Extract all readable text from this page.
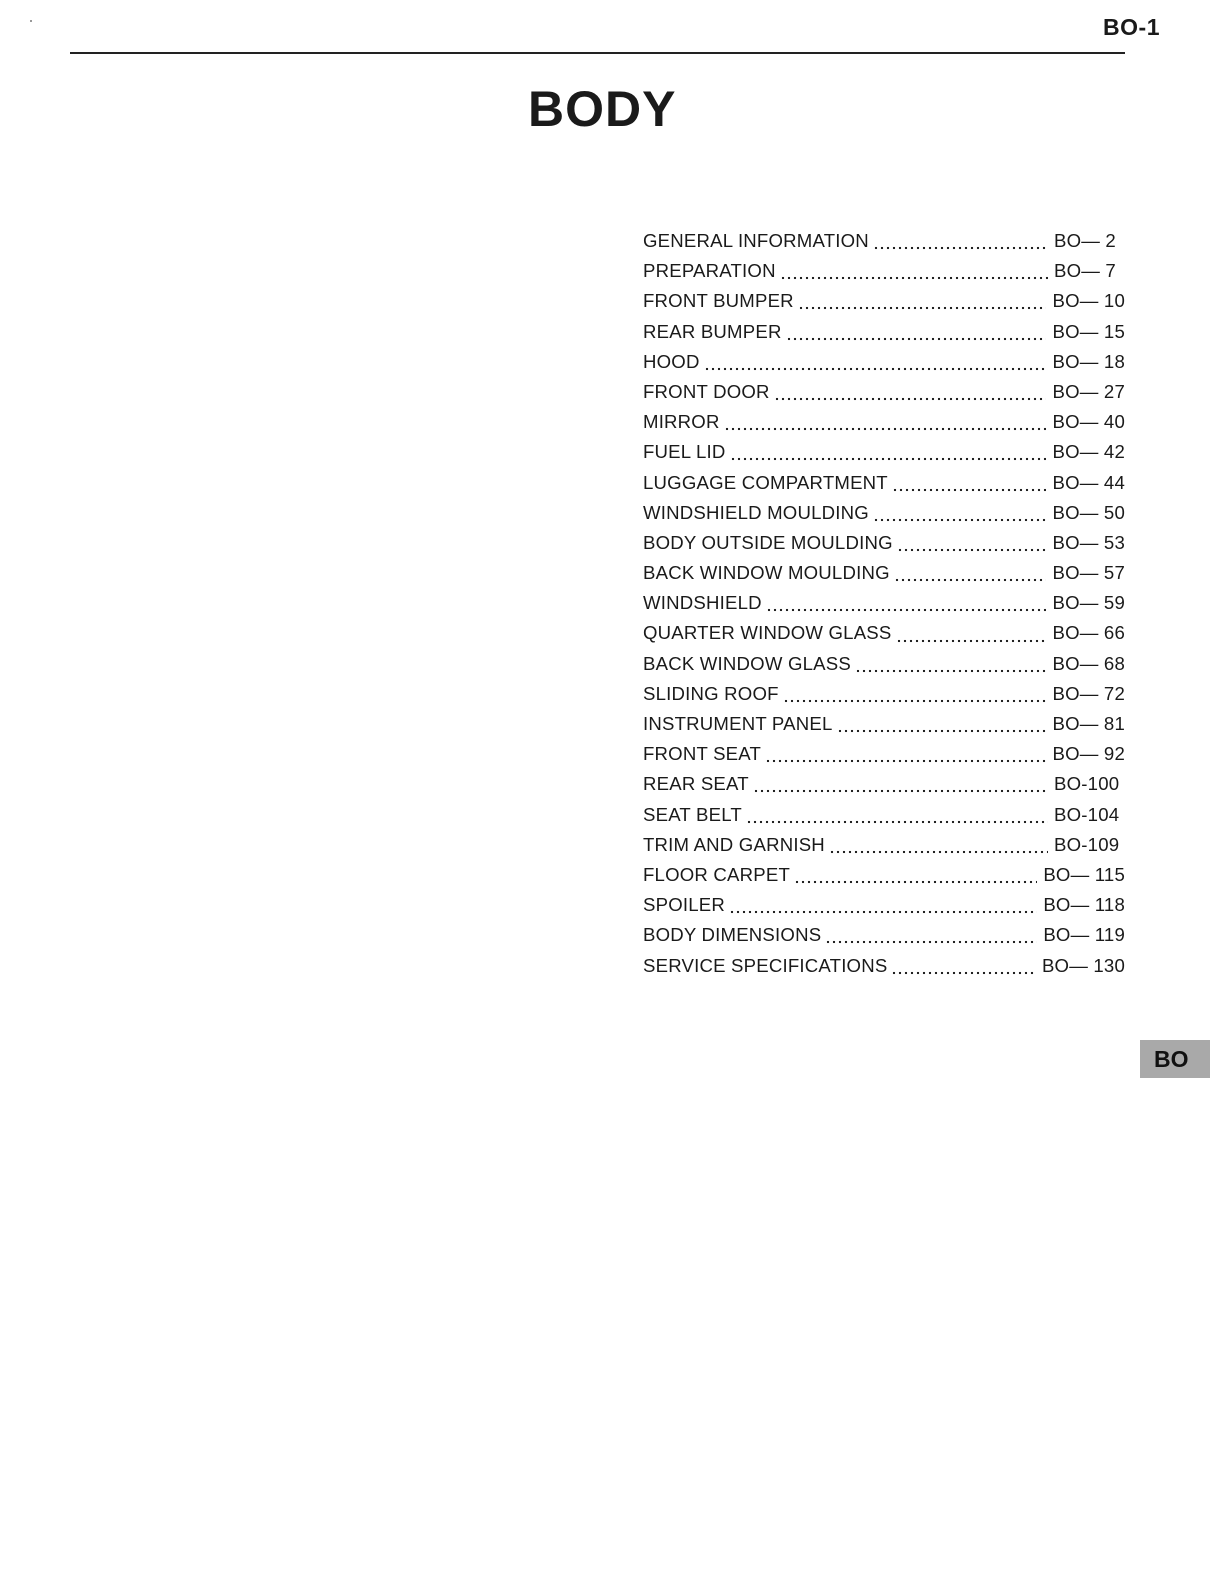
BO-1
BODY
GENERAL INFORMATION	BO— 2
PREPARATION	BO— 7
FRONT BUMPER	BO— 10
REAR BUMPER	BO— 15
HOOD	BO— 18
FRONT DOOR	BO— 27
MIRROR	BO— 40
FUEL LID	BO— 42
LUGGAGE COMPARTMENT	BO— 44
WINDSHIELD MOULDING	BO— 50
BODY OUTSIDE MOULDING	BO— 53
BACK WINDOW MOULDING	BO— 57
WINDSHIELD	BO— 59
QUARTER WINDOW GLASS	BO— 66
BACK WINDOW GLASS	BO— 68
SLIDING ROOF	BO— 72
INSTRUMENT PANEL	BO— 81
FRONT SEAT	BO— 92
REAR SEAT	BO-100
SEAT BELT	BO-104
TRIM AND GARNISH	BO-109
FLOOR CARPET	BO— 115
SPOILER	BO— 118
BODY DIMENSIONS	BO— 119
SERVICE SPECIFICATIONS	BO— 130
BO
